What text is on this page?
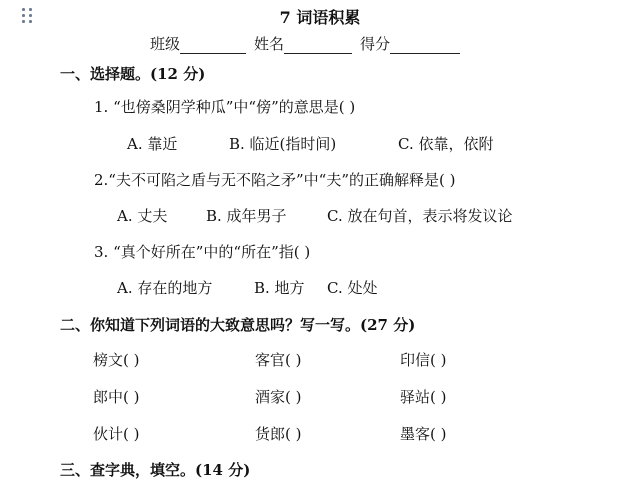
7 词语积累
班级	姓名	得分
一、选择题。(12 分)
1. “也傍桑阴学种瓜”中“傍”的意思是( )
A. 靠近	B. 临近(指时间)	C. 依靠，依附
2.“夫不可陷之盾与无不陷之矛”中“夫”的正确解释是( )
A. 丈夫	B. 成年男子	C. 放在句首，表示将发议论
3. “真个好所在”中的“所在”指( )
A. 存在的地方	B. 地方 C. 处处
二、你知道下列词语的大致意思吗？写一写。(27 分)
榜文( )	客官( )	印信( )
郎中( )	酒家( )	驿站( )
伙计( )	货郎( )	墨客( )
三、查字典，填空。(14 分)
